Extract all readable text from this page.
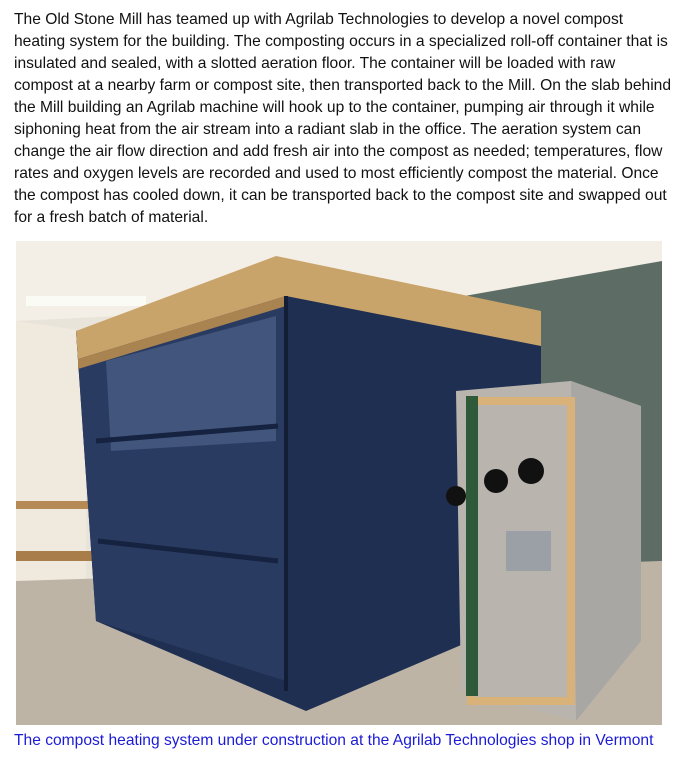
The Old Stone Mill has teamed up with Agrilab Technologies to develop a novel compost
heating system for the building. The composting occurs in a specialized roll-off container that is
insulated and sealed, with a slotted aeration floor. The container will be loaded with raw
compost at a nearby farm or compost site, then transported back to the Mill. On the slab behind
the Mill building an Agrilab machine will hook up to the container, pumping air through it while
siphoning heat from the air stream into a radiant slab in the office. The aeration system can
change the air flow direction and add fresh air into the compost as needed; temperatures, flow
rates and oxygen levels are recorded and used to most efficiently compost the material. Once
the compost has cooled down, it can be transported back to the compost site and swapped out
for a fresh batch of material.
The compost heating system under construction at the Agrilab Technologies shop in Vermont
